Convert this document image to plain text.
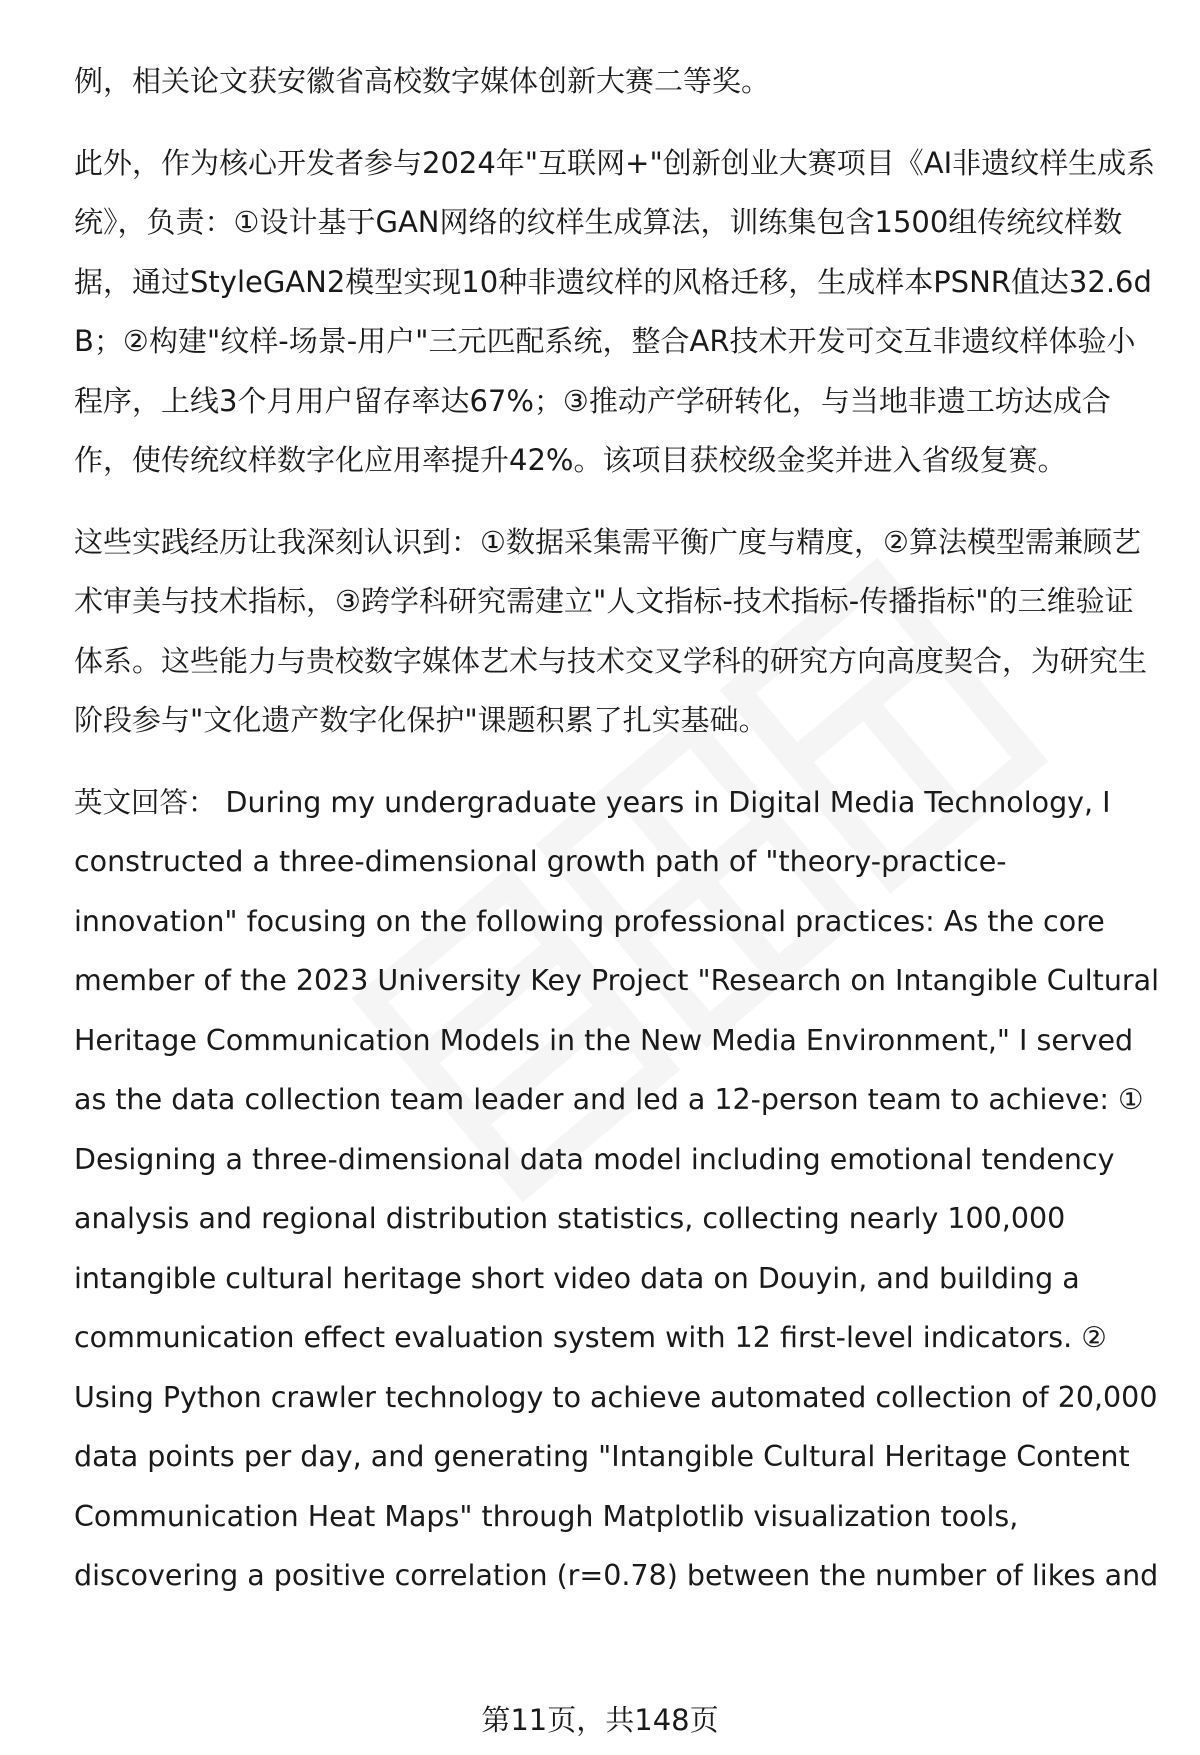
例，相关论文获安徽省高校数字媒体创新大赛二等奖。

此外，作为核心开发者参与2024年"互联网+"创新创业大赛项目《AI非遗纹样生成系统》，负责：①设计基于GAN网络的纹样生成算法，训练集包含1500组传统纹样数据，通过StyleGAN2模型实现10种非遗纹样的风格迁移，生成样本PSNR值达32.6dB；②构建"纹样-场景-用户"三元匹配系统，整合AR技术开发可交互非遗纹样体验小程序，上线3个月用户留存率达67%；③推动产学研转化，与当地非遗工坊达成合作，使传统纹样数字化应用率提升42%。该项目获校级金奖并进入省级复赛。

这些实践经历让我深刻认识到：①数据采集需平衡广度与精度，②算法模型需兼顾艺术审美与技术指标，③跨学科研究需建立"人文指标-技术指标-传播指标"的三维验证体系。这些能力与贵校数字媒体艺术与技术交叉学科的研究方向高度契合，为研究生阶段参与"文化遗产数字化保护"课题积累了扎实基础。

英文回答： During my undergraduate years in Digital Media Technology, I constructed a three-dimensional growth path of "theory-practice-innovation" focusing on the following professional practices: As the core member of the 2023 University Key Project "Research on Intangible Cultural Heritage Communication Models in the New Media Environment," I served as the data collection team leader and led a 12-person team to achieve: ① Designing a three-dimensional data model including emotional tendency analysis and regional distribution statistics, collecting nearly 100,000 intangible cultural heritage short video data on Douyin, and building a communication effect evaluation system with 12 first-level indicators. ② Using Python crawler technology to achieve automated collection of 20,000 data points per day, and generating "Intangible Cultural Heritage Content Communication Heat Maps" through Matplotlib visualization tools, discovering a positive correlation (r=0.78) between the number of likes and

第11页，共148页
